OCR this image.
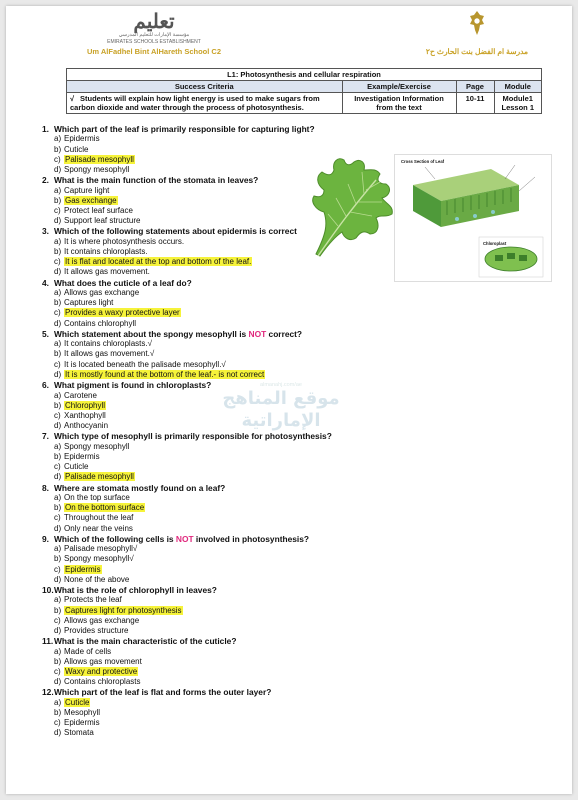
تعليم
مؤسسة الإمارات للتعليم المدرسي
EMIRATES SCHOOLS ESTABLISHMENT
Um AlFadhel Bint AlHareth School C2	مدرسة ام الفضل بنت الحارث ح٢
L1: Photosynthesis and cellular respiration			
Success Criteria	Example/Exercise	Page	Module
√ Students will explain how light energy is used to make sugars from carbon dioxide and water through the process of photosynthesis.	Investigation Information from the text	10-11	Module1 Lesson 1
Cross Section of Leaf
Chloroplast
almanahj.com/ae
موقع المناهج الإماراتية
1. Which part of the leaf is primarily responsible for capturing light?
a) Epidermis
b) Cuticle
c) Palisade mesophyll
d) Spongy mesophyll
2. What is the main function of the stomata in leaves?
a) Capture light
b) Gas exchange
c) Protect leaf surface
d) Support leaf structure
3. Which of the following statements about epidermis is correct
a) It is where photosynthesis occurs.
b) It contains chloroplasts.
c) It is flat and located at the top and bottom of the leaf.
d) It allows gas movement.
4. What does the cuticle of a leaf do?
a) Allows gas exchange
b) Captures light
c) Provides a waxy protective layer
d) Contains chlorophyll
5. Which statement about the spongy mesophyll is NOT correct?
a) It contains chloroplasts.√
b) It allows gas movement.√
c) It is located beneath the palisade mesophyll.√
d) It is mostly found at the bottom of the leaf.- is not correct
6. What pigment is found in chloroplasts?
a) Carotene
b) Chlorophyll
c) Xanthophyll
d) Anthocyanin
7. Which type of mesophyll is primarily responsible for photosynthesis?
a) Spongy mesophyll
b) Epidermis
c) Cuticle
d) Palisade mesophyll
8. Where are stomata mostly found on a leaf?
a) On the top surface
b) On the bottom surface
c) Throughout the leaf
d) Only near the veins
9. Which of the following cells is NOT involved in photosynthesis?
a) Palisade mesophyll√
b) Spongy mesophyll√
c) Epidermis
d) None of the above
10.What is the role of chlorophyll in leaves?
a) Protects the leaf
b) Captures light for photosynthesis
c) Allows gas exchange
d) Provides structure
11.What is the main characteristic of the cuticle?
a) Made of cells
b) Allows gas movement
c) Waxy and protective
d) Contains chloroplasts
12.Which part of the leaf is flat and forms the outer layer?
a) Cuticle
b) Mesophyll
c) Epidermis
d) Stomata
